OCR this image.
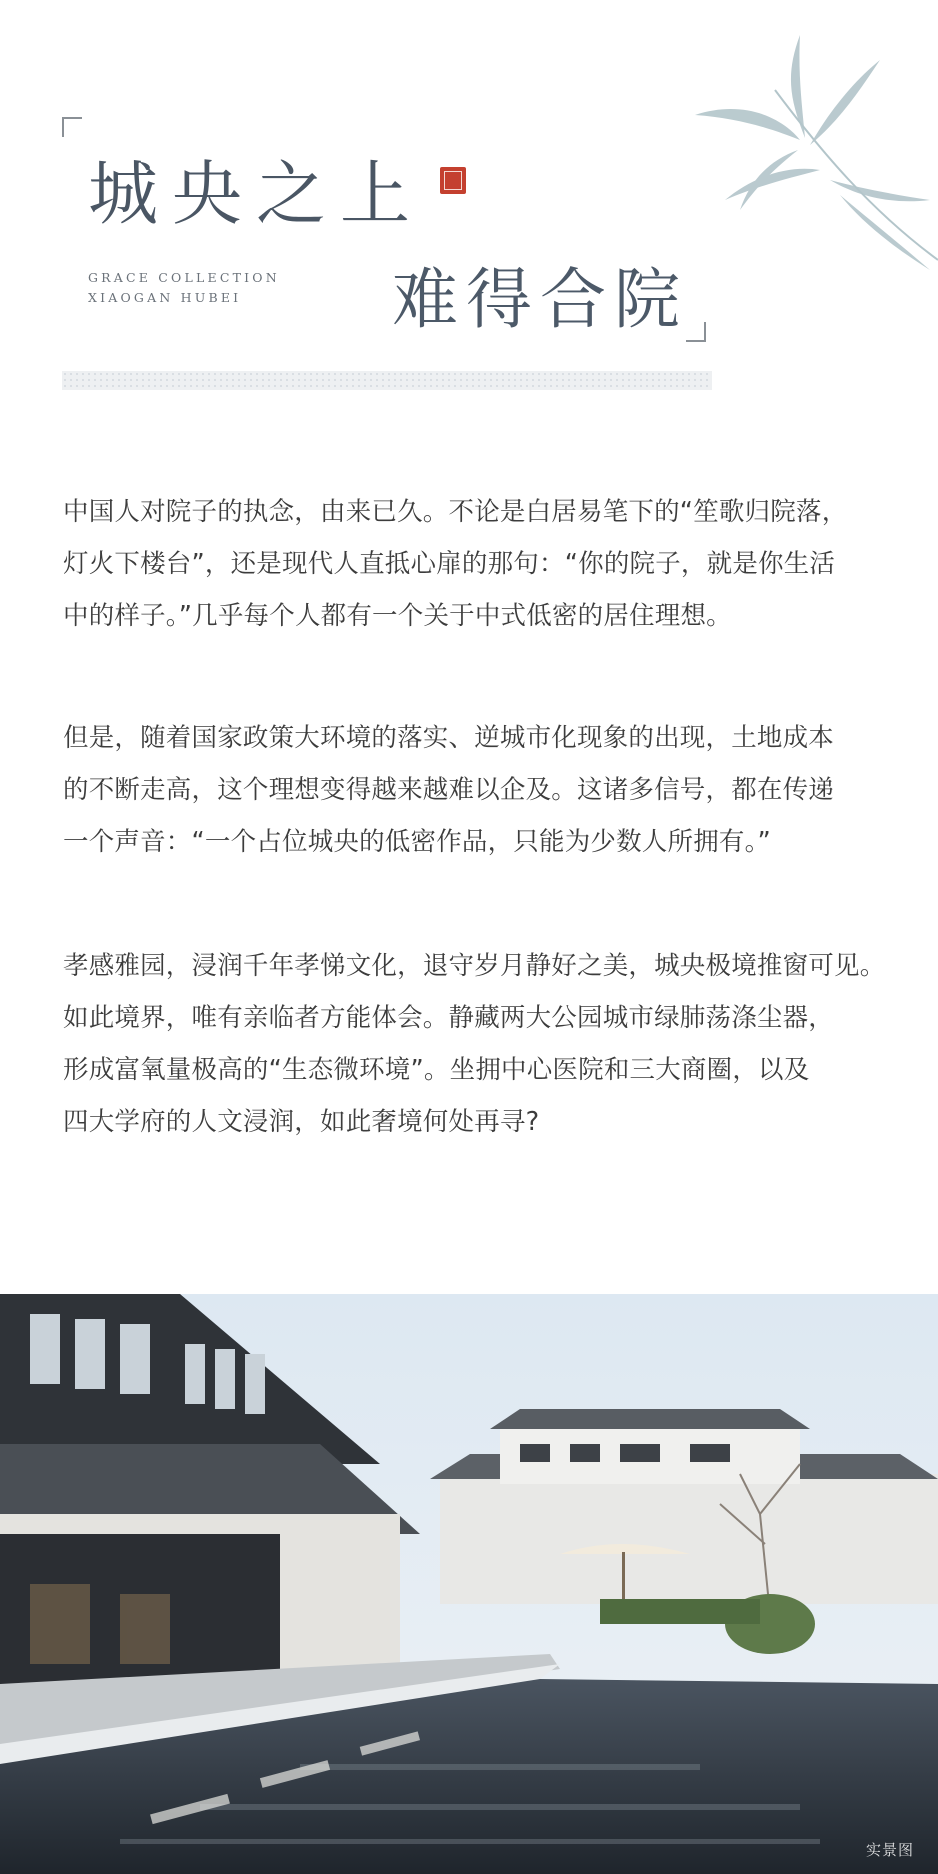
城央之上
GRACE COLLECTION
XIAOGAN HUBEI	难得合院
中国人对院子的执念，由来已久。不论是白居易笔下的“笙歌归院落，
灯火下楼台”，还是现代人直抵心扉的那句：“你的院子，就是你生活
中的样子。”几乎每个人都有一个关于中式低密的居住理想。
但是，随着国家政策大环境的落实、逆城市化现象的出现，土地成本
的不断走高，这个理想变得越来越难以企及。这诸多信号，都在传递
一个声音：“一个占位城央的低密作品，只能为少数人所拥有。”
孝感雅园，浸润千年孝悌文化，退守岁月静好之美，城央极境推窗可见。
如此境界，唯有亲临者方能体会。静藏两大公园城市绿肺荡涤尘器，
形成富氧量极高的“生态微环境”。坐拥中心医院和三大商圈，以及
四大学府的人文浸润，如此奢境何处再寻?
实景图
